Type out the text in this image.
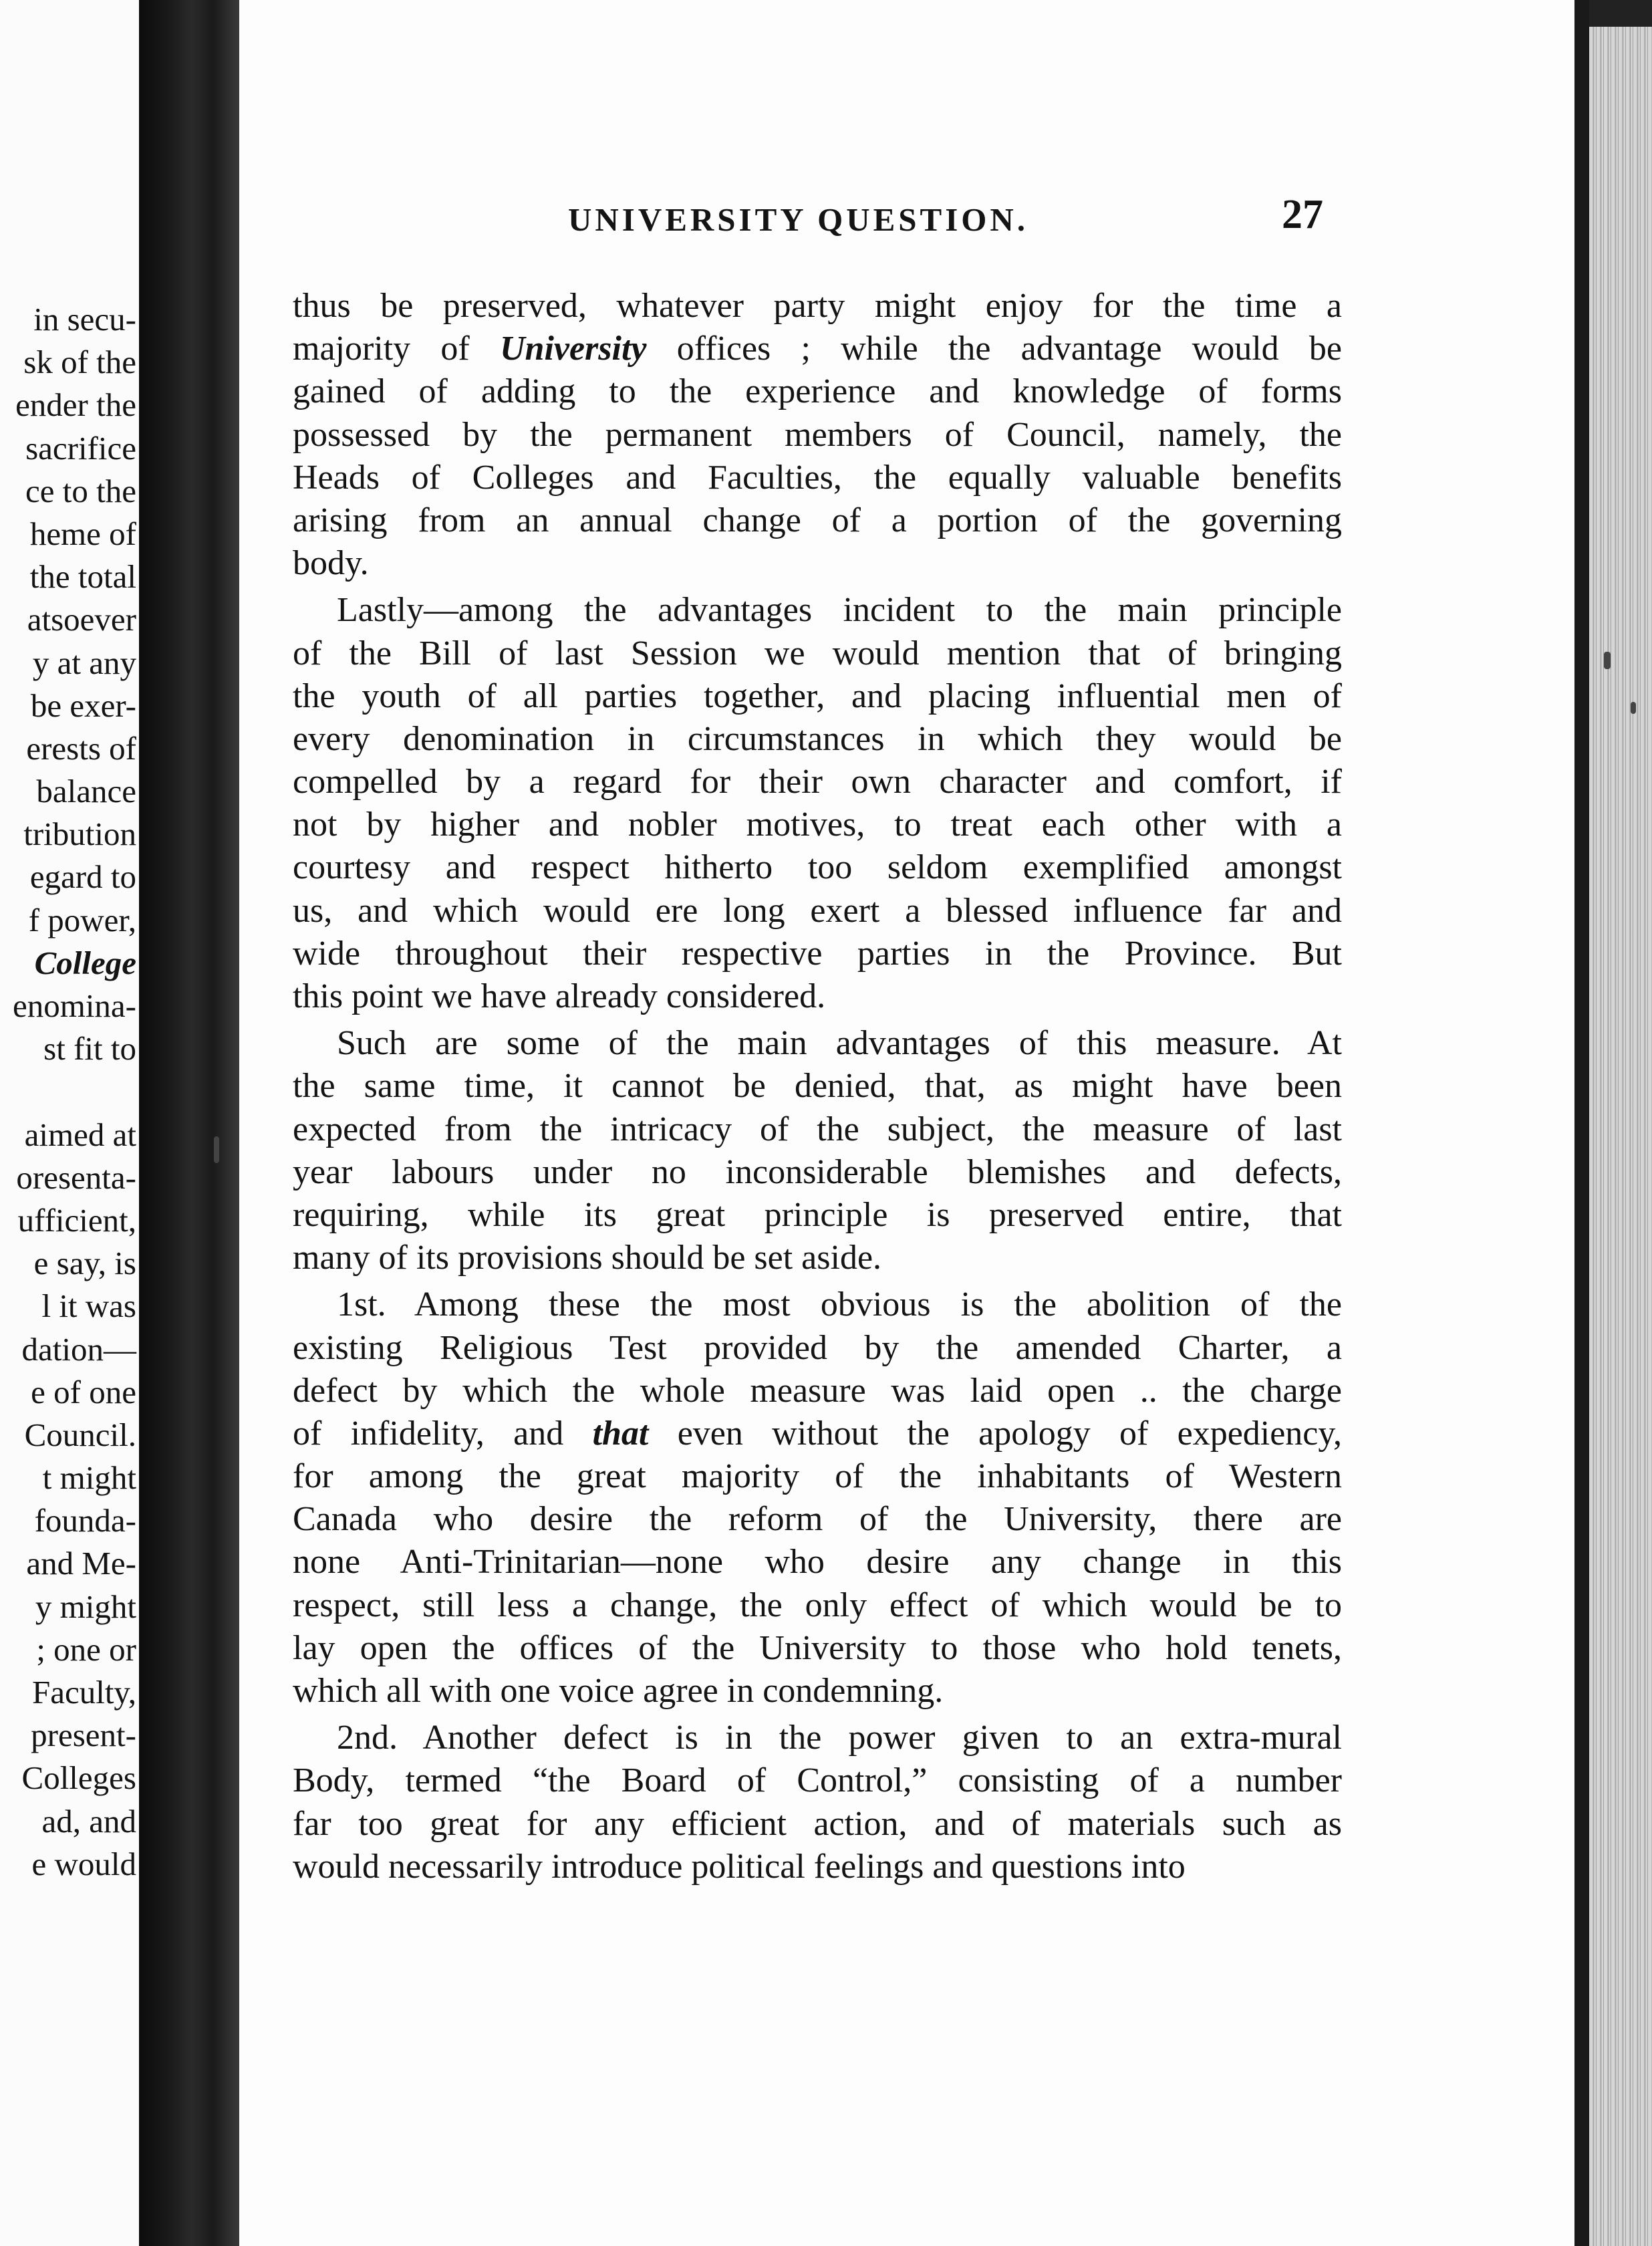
in secu-
sk of the
ender the
sacrifice
ce to the
heme of
the total
atsoever
y at any
be exer-
erests of
balance
tribution
egard to
f power,
College
enomina-
st fit to
aimed at
oresenta-
ufficient,
e say, is
l it was
dation—
e of one
Council.
t might
founda-
and Me-
y might
; one or
Faculty,
present-
Colleges
ad, and
e would
UNIVERSITY QUESTION.	27
thus be preserved, whatever party might enjoy for the time a
majority of University offices ; while the advantage would be
gained of adding to the experience and knowledge of forms
possessed by the permanent members of Council, namely, the
Heads of Colleges and Faculties, the equally valuable benefits
arising from an annual change of a portion of the governing
body.
Lastly—among the advantages incident to the main principle
of the Bill of last Session we would mention that of bringing
the youth of all parties together, and placing influential men of
every denomination in circumstances in which they would be
compelled by a regard for their own character and comfort, if
not by higher and nobler motives, to treat each other with a
courtesy and respect hitherto too seldom exemplified amongst
us, and which would ere long exert a blessed influence far and
wide throughout their respective parties in the Province. But
this point we have already considered.
Such are some of the main advantages of this measure. At
the same time, it cannot be denied, that, as might have been
expected from the intricacy of the subject, the measure of last
year labours under no inconsiderable blemishes and defects,
requiring, while its great principle is preserved entire, that
many of its provisions should be set aside.
1st. Among these the most obvious is the abolition of the
existing Religious Test provided by the amended Charter, a
defect by which the whole measure was laid open .. the charge
of infidelity, and that even without the apology of expediency,
for among the great majority of the inhabitants of Western
Canada who desire the reform of the University, there are
none Anti-Trinitarian—none who desire any change in this
respect, still less a change, the only effect of which would be to
lay open the offices of the University to those who hold tenets,
which all with one voice agree in condemning.
2nd. Another defect is in the power given to an extra-mural
Body, termed “the Board of Control,” consisting of a number
far too great for any efficient action, and of materials such as
would necessarily introduce political feelings and questions into
